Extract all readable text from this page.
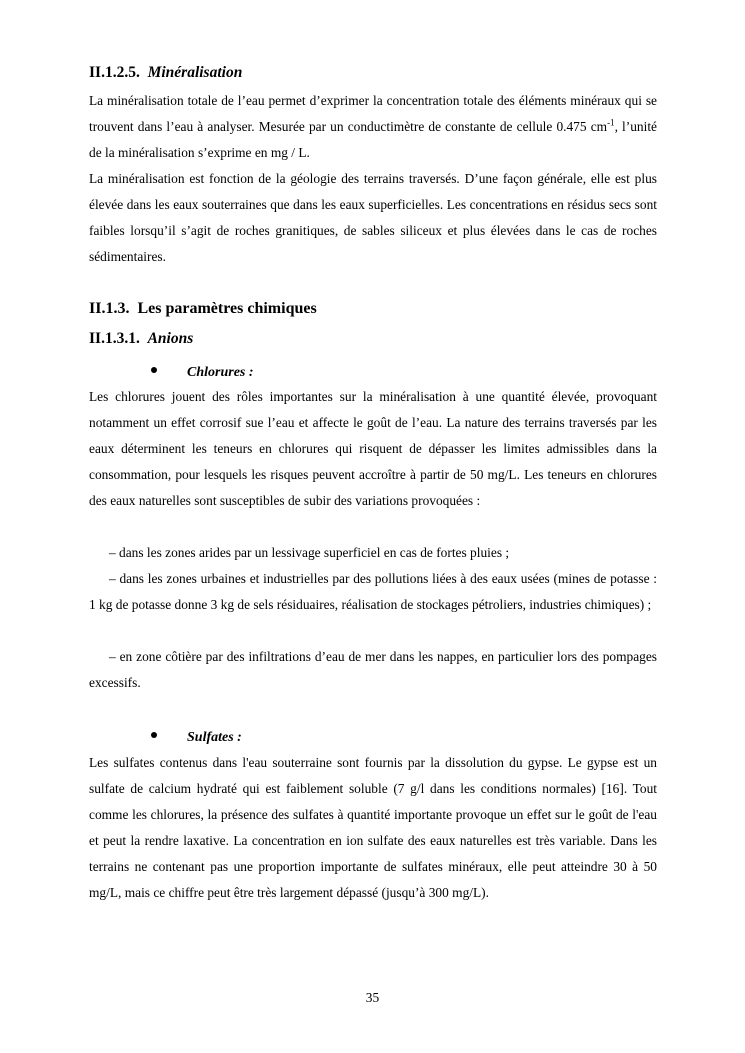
II.1.2.5. Minéralisation

La minéralisation totale de l’eau permet d’exprimer la concentration totale des éléments minéraux qui se trouvent dans l’eau à analyser. Mesurée par un conductimètre de constante de cellule 0.475 $cm^{-1}$, l’unité de la minéralisation s’exprime en mg / L.

La minéralisation est fonction de la géologie des terrains traversés. D’une façon générale, elle est plus élevée dans les eaux souterraines que dans les eaux superficielles. Les concentrations en résidus secs sont faibles lorsqu’il s’agit de roches granitiques, de sables siliceux et plus élevées dans le cas de roches sédimentaires.

II.1.3. Les paramètres chimiques
II.1.3.1. Anions
Chlorures :

Les chlorures jouent des rôles importantes sur la minéralisation à une quantité élevée, provoquant notamment un effet corrosif sue l’eau et affecte le goût de l’eau. La nature des terrains traversés par les eaux déterminent les teneurs en chlorures qui risquent de dépasser les limites admissibles dans la consommation, pour lesquels les risques peuvent accroître à partir de 50 mg/L. Les teneurs en chlorures des eaux naturelles sont susceptibles de subir des variations provoquées :

– dans les zones arides par un lessivage superficiel en cas de fortes pluies ;

– dans les zones urbaines et industrielles par des pollutions liées à des eaux usées (mines de potasse : 1 kg de potasse donne 3 kg de sels résiduaires, réalisation de stockages pétroliers, industries chimiques) ;

– en zone côtière par des infiltrations d’eau de mer dans les nappes, en particulier lors des pompages excessifs.

Sulfates :

Les sulfates contenus dans l'eau souterraine sont fournis par la dissolution du gypse. Le gypse est un sulfate de calcium hydraté qui est faiblement soluble (7 g/l dans les conditions normales) [16]. Tout comme les chlorures, la présence des sulfates à quantité importante provoque un effet sur le goût de l'eau et peut la rendre laxative. La concentration en ion sulfate des eaux naturelles est très variable. Dans les terrains ne contenant pas une proportion importante de sulfates minéraux, elle peut atteindre 30 à 50 mg/L, mais ce chiffre peut être très largement dépassé (jusqu’à 300 mg/L).

35
